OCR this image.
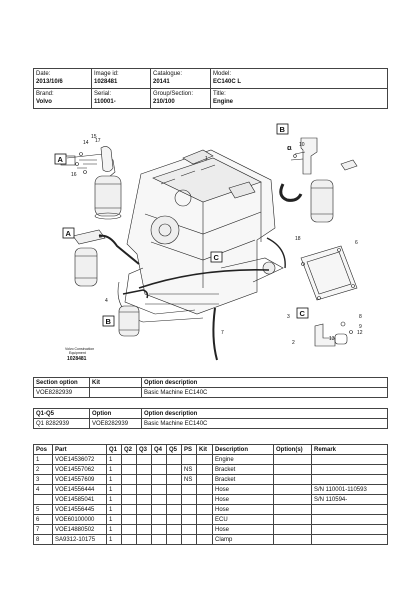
Date:
2013/10/6	Image id:
1028481	Catalogue:
20141	Model:
EC140C L

Brand:
Volvo	Serial:
110001-	Group/Section:
210/100	Title:
Engine
A
B
C
A
B
C
1
2
3
4
5
6
7
8
9
10
11
12
13
14
15
16
17
18
Volvo Construction
Equipment
1028481
Section option	Kit	Option description
VOE8282939		Basic Machine EC140C
Q1-Q5	Option	Option description
Q1 8282939	VOE8282939	Basic Machine EC140C
Pos	Part	Q1	Q2	Q3	Q4	Q5	PS	Kit	Description	Option(s)	Remark
1	VOE14536072	1							Engine		
2	VOE14557062	1					NS		Bracket		
3	VOE14557609	1					NS		Bracket		
4	VOE14556444	1							Hose		S/N 110001-110593
	VOE14585041	1							Hose		S/N 110594-
5	VOE14556445	1							Hose		
6	VOE60100000	1							ECU		
7	VOE14880502	1							Hose		
8	SA9312-10175	1							Clamp		
